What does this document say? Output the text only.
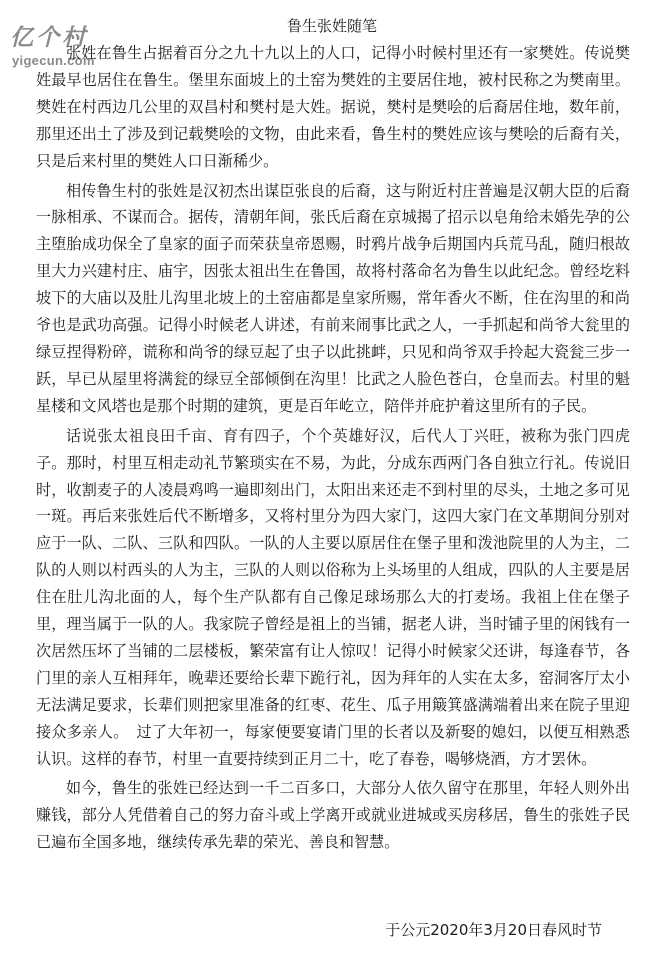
亿个村
yigecun.com
鲁生张姓随笔

张姓在鲁生占据着百分之九十九以上的人口，记得小时候村里还有一家樊姓。传说樊姓最早也居住在鲁生。堡里东面坡上的土窑为樊姓的主要居住地，被村民称之为樊南里。樊姓在村西边几公里的双昌村和樊村是大姓。据说，樊村是樊哙的后裔居住地，数年前，那里还出土了涉及到记载樊哙的文物，由此来看，鲁生村的樊姓应该与樊哙的后裔有关，只是后来村里的樊姓人口日渐稀少。

相传鲁生村的张姓是汉初杰出谋臣张良的后裔，这与附近村庄普遍是汉朝大臣的后裔一脉相承、不谋而合。据传，清朝年间，张氏后裔在京城揭了招示以皂角给未婚先孕的公主堕胎成功保全了皇家的面子而荣获皇帝恩赐，时鸦片战争后期国内兵荒马乱，随归根故里大力兴建村庄、庙宇，因张太祖出生在鲁国，故将村落命名为鲁生以此纪念。曾经圪料坡下的大庙以及肚儿沟里北坡上的土窑庙都是皇家所赐，常年香火不断，住在沟里的和尚爷也是武功高强。记得小时候老人讲述，有前来闹事比武之人，一手抓起和尚爷大瓮里的绿豆捏得粉碎，谎称和尚爷的绿豆起了虫子以此挑衅，只见和尚爷双手拎起大瓷瓮三步一跃，早已从屋里将满瓮的绿豆全部倾倒在沟里！比武之人脸色苍白，仓皇而去。村里的魁星楼和文风塔也是那个时期的建筑，更是百年屹立，陪伴并庇护着这里所有的子民。

话说张太祖良田千亩、育有四子，个个英雄好汉，后代人丁兴旺，被称为张门四虎子。那时，村里互相走动礼节繁琐实在不易，为此，分成东西两门各自独立行礼。传说旧时，收割麦子的人凌晨鸡鸣一遍即刻出门，太阳出来还走不到村里的尽头，土地之多可见一斑。再后来张姓后代不断增多，又将村里分为四大家门，这四大家门在文革期间分别对应于一队、二队、三队和四队。一队的人主要以原居住在堡子里和泼池院里的人为主，二队的人则以村西头的人为主，三队的人则以俗称为上头场里的人组成，四队的人主要是居住在肚儿沟北面的人，每个生产队都有自己像足球场那么大的打麦场。我祖上住在堡子里，理当属于一队的人。我家院子曾经是祖上的当铺，据老人讲，当时铺子里的闲钱有一次居然压坏了当铺的二层楼板，繁荣富有让人惊叹！记得小时候家父还讲，每逢春节，各门里的亲人互相拜年，晚辈还要给长辈下跪行礼，因为拜年的人实在太多，窑洞客厅太小无法满足要求，长辈们则把家里准备的红枣、花生、瓜子用簸箕盛满端着出来在院子里迎接众多亲人。　过了大年初一，每家便要宴请门里的长者以及新娶的媳妇，以便互相熟悉认识。这样的春节，村里一直要持续到正月二十，吃了春卷，喝够烧酒，方才罢休。

如今，鲁生的张姓已经达到一千二百多口，大部分人依久留守在那里，年轻人则外出赚钱，部分人凭借着自己的努力奋斗或上学离开或就业进城或买房移居，鲁生的张姓子民已遍布全国多地，继续传承先辈的荣光、善良和智慧。

于公元2020年3月20日春风时节
